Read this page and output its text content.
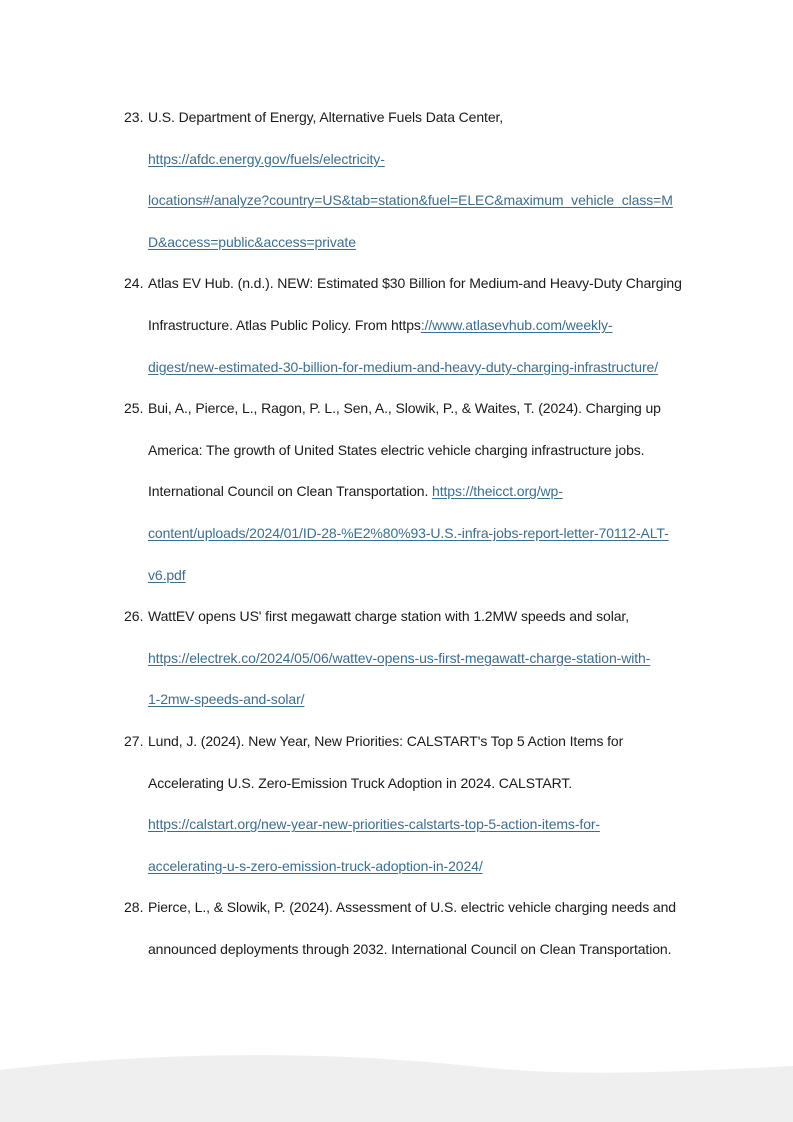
23. U.S. Department of Energy, Alternative Fuels Data Center,
https://afdc.energy.gov/fuels/electricity-
locations#/analyze?country=US&tab=station&fuel=ELEC&maximum_vehicle_class=M
D&access=public&access=private
24. Atlas EV Hub. (n.d.). NEW: Estimated $30 Billion for Medium-and Heavy-Duty Charging
Infrastructure. Atlas Public Policy. From https://www.atlasevhub.com/weekly-
digest/new-estimated-30-billion-for-medium-and-heavy-duty-charging-infrastructure/
25. Bui, A., Pierce, L., Ragon, P. L., Sen, A., Slowik, P., & Waites, T. (2024). Charging up
America: The growth of United States electric vehicle charging infrastructure jobs.
International Council on Clean Transportation. https://theicct.org/wp-
content/uploads/2024/01/ID-28-%E2%80%93-U.S.-infra-jobs-report-letter-70112-ALT-
v6.pdf
26. WattEV opens US' first megawatt charge station with 1.2MW speeds and solar,
https://electrek.co/2024/05/06/wattev-opens-us-first-megawatt-charge-station-with-
1-2mw-speeds-and-solar/
27. Lund, J. (2024). New Year, New Priorities: CALSTART's Top 5 Action Items for
Accelerating U.S. Zero-Emission Truck Adoption in 2024. CALSTART.
https://calstart.org/new-year-new-priorities-calstarts-top-5-action-items-for-
accelerating-u-s-zero-emission-truck-adoption-in-2024/
28. Pierce, L., & Slowik, P. (2024). Assessment of U.S. electric vehicle charging needs and
announced deployments through 2032. International Council on Clean Transportation.
